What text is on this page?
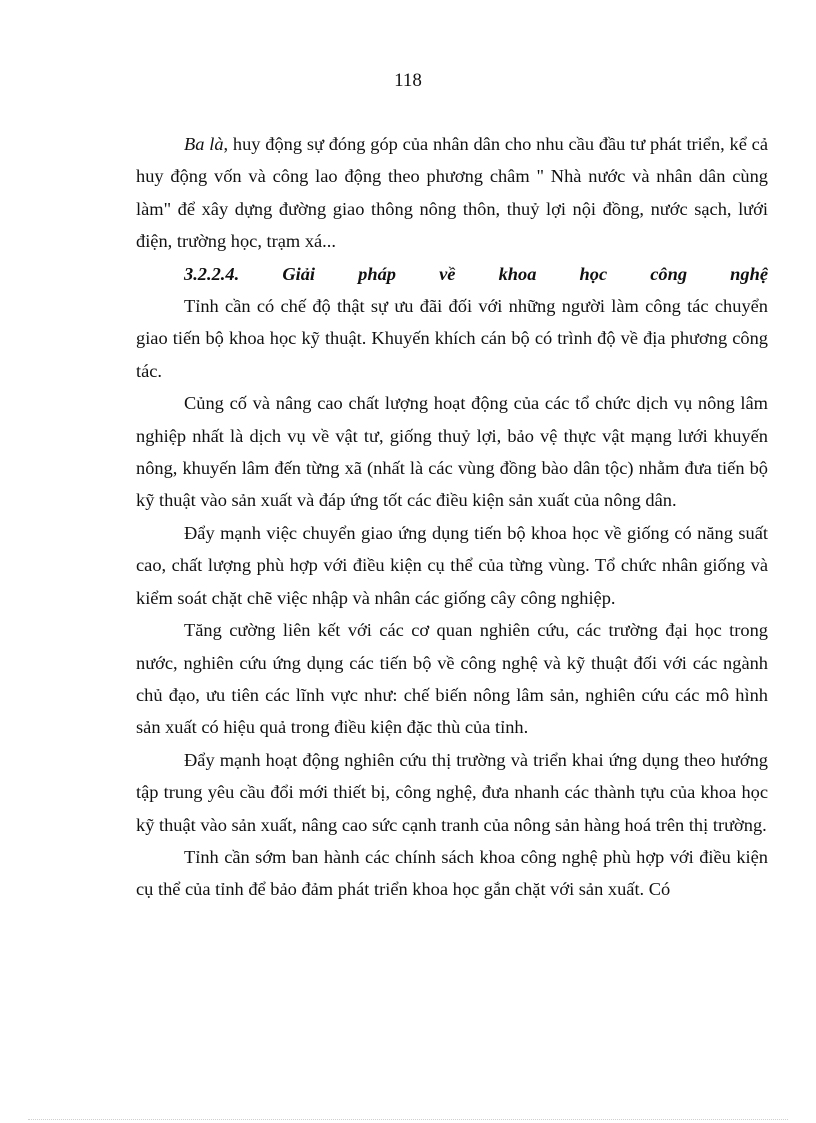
118

Ba là, huy động sự đóng góp của nhân dân cho nhu cầu đầu tư phát triển, kể cả huy động vốn và công lao động theo phương châm " Nhà nước và nhân dân cùng làm" để xây dựng đường giao thông nông thôn, thuỷ lợi nội đồng, nước sạch, lưới điện, trường học, trạm xá...

3.2.2.4. Giải pháp về khoa học công nghệ

Tỉnh cần có chế độ thật sự ưu đãi đối với những người làm công tác chuyển giao tiến bộ khoa học kỹ thuật. Khuyến khích cán bộ có trình độ về địa phương công tác.

Củng cố và nâng cao chất lượng hoạt động của các tổ chức dịch vụ nông lâm nghiệp nhất là dịch vụ về vật tư, giống thuỷ lợi, bảo vệ thực vật mạng lưới khuyến nông, khuyến lâm đến từng xã (nhất là các vùng đồng bào dân tộc) nhằm đưa tiến bộ kỹ thuật vào sản xuất và đáp ứng tốt các điều kiện sản xuất của nông dân.

Đẩy mạnh việc chuyển giao ứng dụng tiến bộ khoa học về giống có năng suất cao, chất lượng phù hợp với điều kiện cụ thể của từng vùng. Tổ chức nhân giống và kiểm soát chặt chẽ việc nhập và nhân các giống cây công nghiệp.

Tăng cường liên kết với các cơ quan nghiên cứu, các trường đại học trong nước, nghiên cứu ứng dụng các tiến bộ về công nghệ và kỹ thuật đối với các ngành chủ đạo, ưu tiên các lĩnh vực như: chế biến nông lâm sản, nghiên cứu các mô hình sản xuất có hiệu quả trong điều kiện đặc thù của tỉnh.

Đẩy mạnh hoạt động nghiên cứu thị trường và triển khai ứng dụng theo hướng tập trung yêu cầu đổi mới thiết bị, công nghệ, đưa nhanh các thành tựu của khoa học kỹ thuật vào sản xuất, nâng cao sức cạnh tranh của nông sản hàng hoá trên thị trường.

Tỉnh cần sớm ban hành các chính sách khoa công nghệ phù hợp với điều kiện cụ thể của tỉnh để bảo đảm phát triển khoa học gắn chặt với sản xuất. Có
